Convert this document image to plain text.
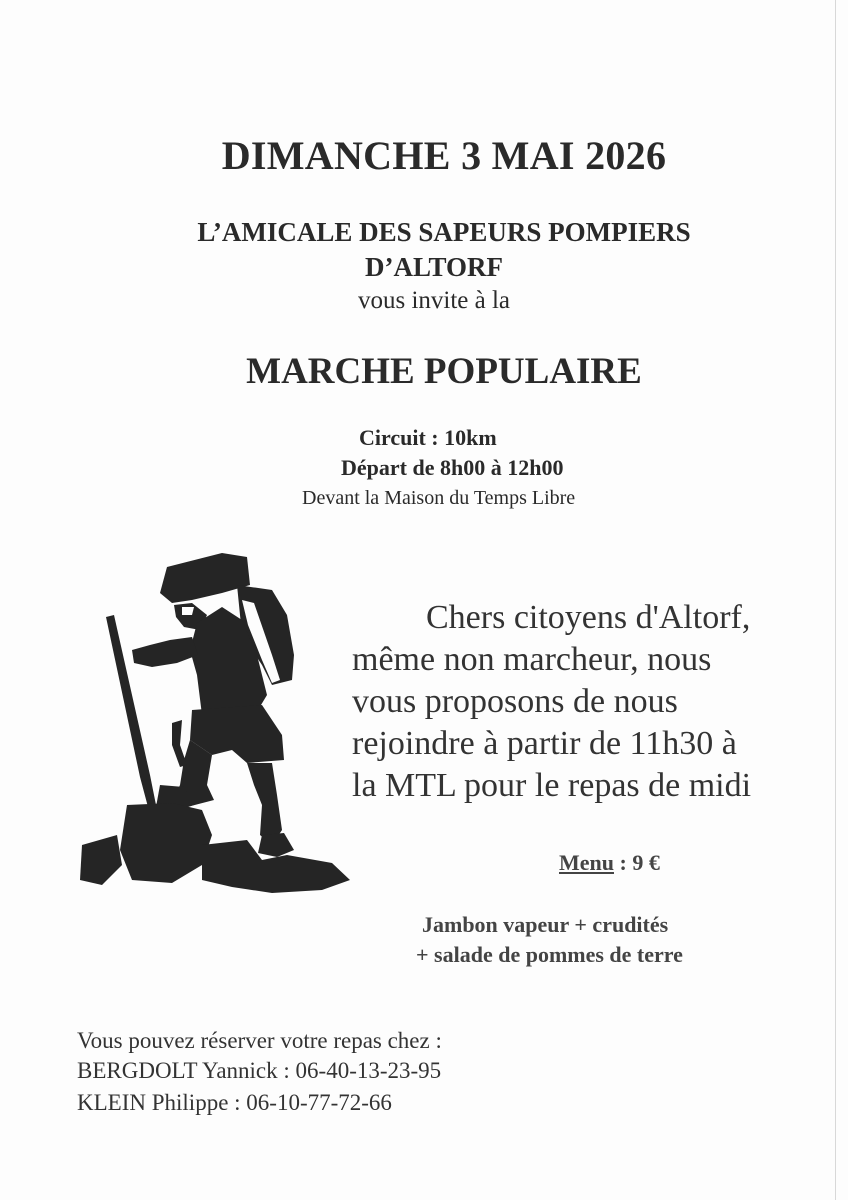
DIMANCHE 3 MAI 2026
L’AMICALE DES SAPEURS POMPIERS
D’ALTORF
vous invite à la
MARCHE POPULAIRE
Circuit : 10km
Départ de 8h00 à 12h00
Devant la Maison du Temps Libre
Chers citoyens d'Altorf,
même non marcheur, nous
vous proposons de nous
rejoindre à partir de 11h30 à
la MTL pour le repas de midi
Menu : 9 €
Jambon vapeur + crudités
+ salade de pommes de terre
Vous pouvez réserver votre repas chez :
BERGDOLT Yannick : 06-40-13-23-95
KLEIN Philippe : 06-10-77-72-66
